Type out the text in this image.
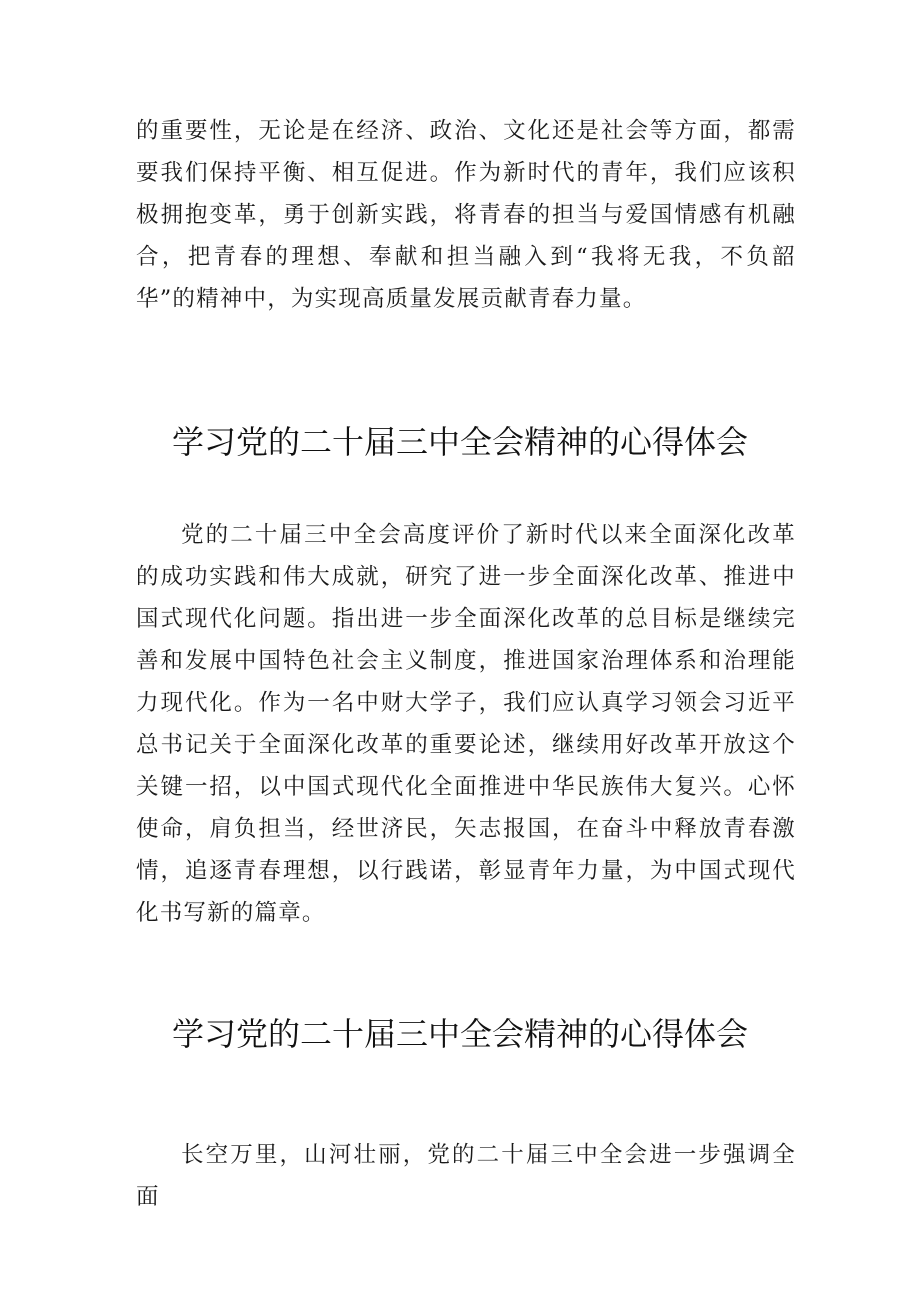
的重要性，无论是在经济、政治、文化还是社会等方面，都需要我们保持平衡、相互促进。作为新时代的青年，我们应该积极拥抱变革，勇于创新实践，将青春的担当与爱国情感有机融合，把青春的理想、奉献和担当融入到“我将无我，不负韶华”的精神中，为实现高质量发展贡献青春力量。

学习党的二十届三中全会精神的心得体会

党的二十届三中全会高度评价了新时代以来全面深化改革的成功实践和伟大成就，研究了进一步全面深化改革、推进中国式现代化问题。指出进一步全面深化改革的总目标是继续完善和发展中国特色社会主义制度，推进国家治理体系和治理能力现代化。作为一名中财大学子，我们应认真学习领会习近平总书记关于全面深化改革的重要论述，继续用好改革开放这个关键一招，以中国式现代化全面推进中华民族伟大复兴。心怀使命，肩负担当，经世济民，矢志报国，在奋斗中释放青春激情，追逐青春理想，以行践诺，彰显青年力量，为中国式现代化书写新的篇章。

学习党的二十届三中全会精神的心得体会

长空万里，山河壮丽，党的二十届三中全会进一步强调全面
